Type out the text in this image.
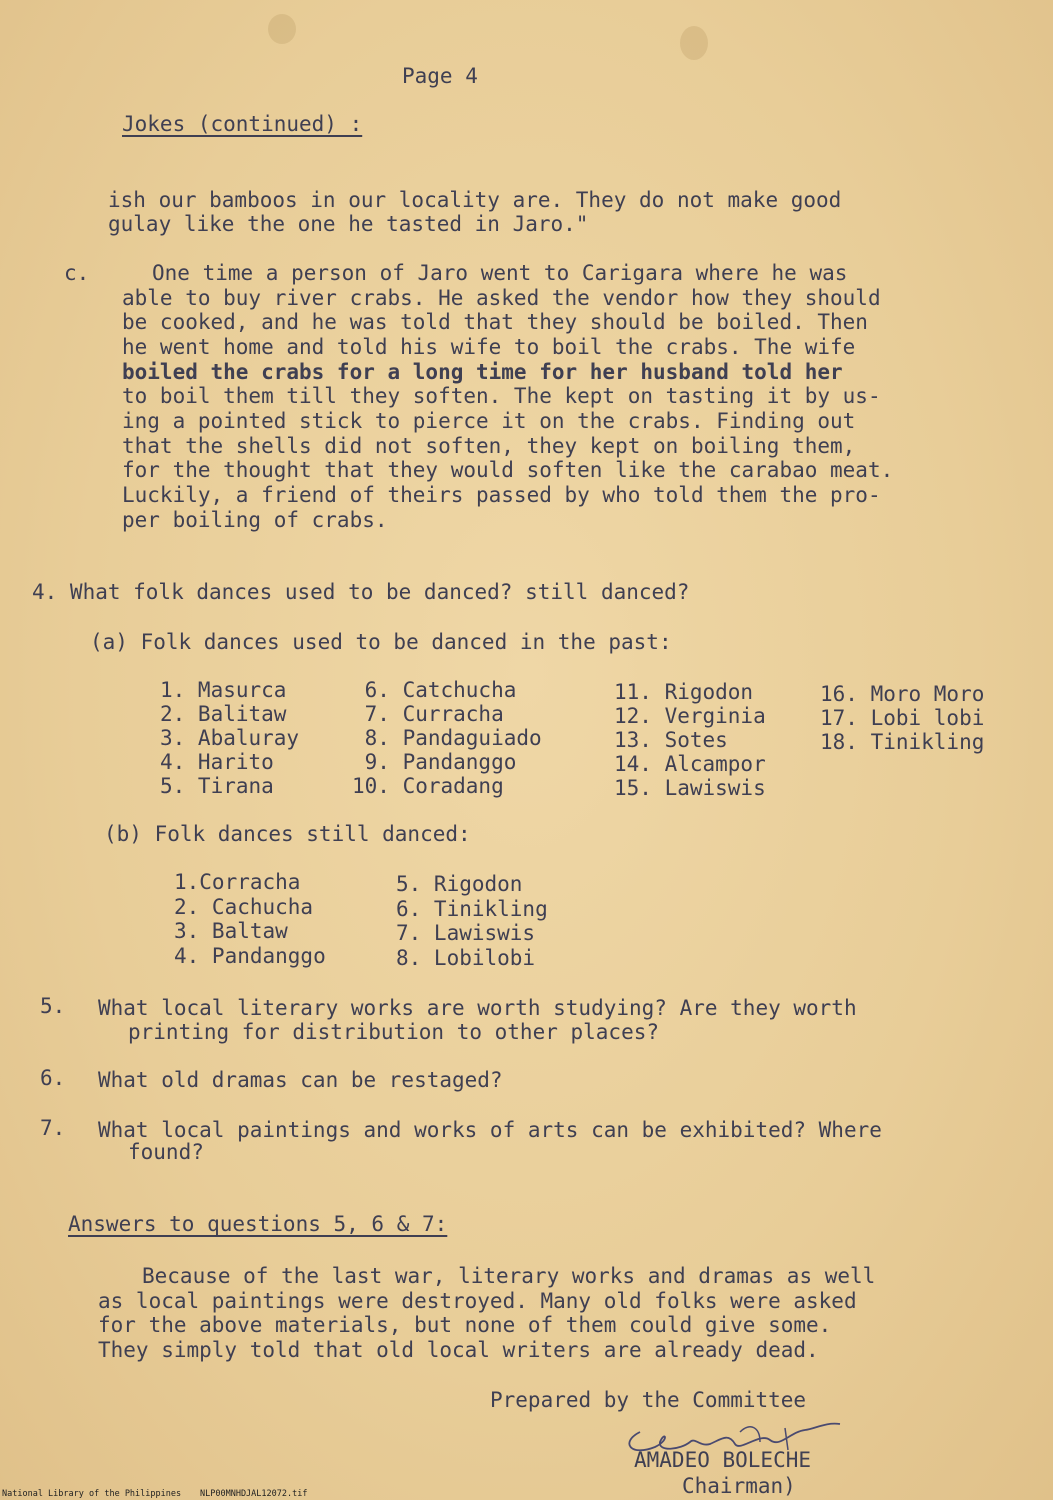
Page 4
Jokes (continued) :
ish our bamboos in our locality are. They do not make good
gulay like the one he tasted in Jaro."
c.	One time a person of Jaro went to Carigara where he was
able to buy river crabs. He asked the vendor how they should
be cooked, and he was told that they should be boiled. Then
he went home and told his wife to boil the crabs. The wife
boiled the crabs for a long time for her husband told her
to boil them till they soften. The kept on tasting it by us-
ing a pointed stick to pierce it on the crabs. Finding out
that the shells did not soften, they kept on boiling them,
for the thought that they would soften like the carabao meat.
Luckily, a friend of theirs passed by who told them the pro-
per boiling of crabs.
4. What folk dances used to be danced? still danced?
(a) Folk dances used to be danced in the past:
1. Masurca
2. Balitaw
3. Abaluray
4. Harito
5. Tirana
6. Catchucha
7. Curracha
8. Pandaguiado
9. Pandanggo
10. Coradang
11. Rigodon
12. Verginia
13. Sotes
14. Alcampor
15. Lawiswis
16. Moro Moro
17. Lobi lobi
18. Tinikling
(b) Folk dances still danced:
1.Corracha
2. Cachucha
3. Baltaw
4. Pandanggo
5. Rigodon
6. Tinikling
7. Lawiswis
8. Lobilobi
5. What local literary works are worth studying? Are they worth
printing for distribution to other places?
6. What old dramas can be restaged?
7. What local paintings and works of arts can be exhibited? Where
found?
Answers to questions 5, 6 & 7:
Because of the last war, literary works and dramas as well
as local paintings were destroyed. Many old folks were asked
for the above materials, but none of them could give some.
They simply told that old local writers are already dead.
Prepared by the Committee
AMADEO BOLECHE
Chairman)
National Library of the Philippines NLP00MNHDJAL12072.tif
